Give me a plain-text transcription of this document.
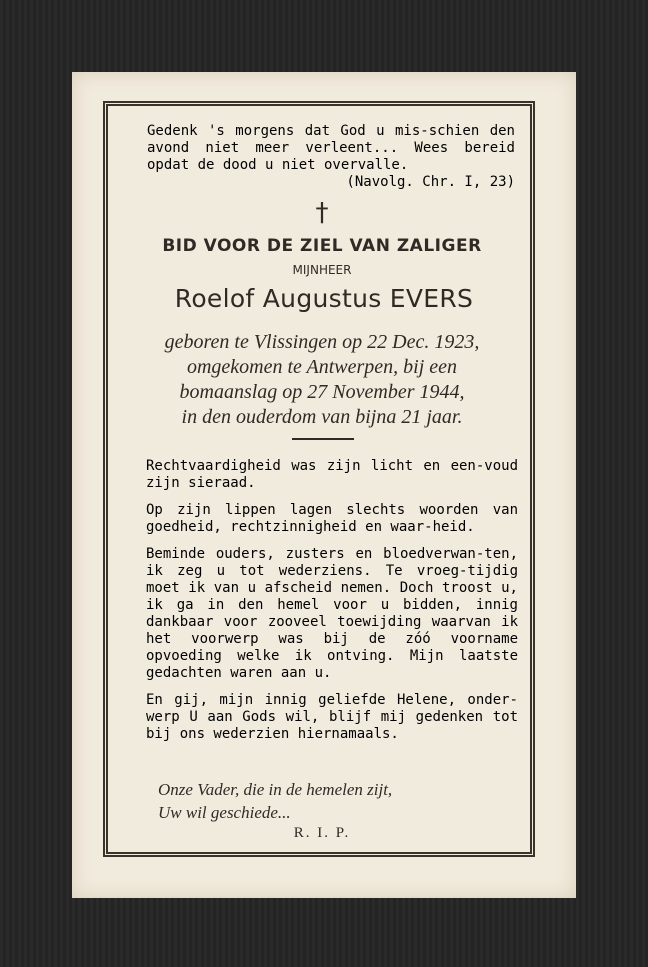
Gedenk 's morgens dat God u mis-schien den avond niet meer verleent... Wees bereid opdat de dood u niet overvalle.

(Navolg. Chr. I, 23)

†
BID VOOR DE ZIEL VAN ZALIGER
MIJNHEER
Roelof Augustus EVERS
geboren te Vlissingen op 22 Dec. 1923,
omgekomen te Antwerpen, bij een
bomaanslag op 27 November 1944,
in den ouderdom van bijna 21 jaar.

Rechtvaardigheid was zijn licht en een-voud zijn sieraad.

Op zijn lippen lagen slechts woorden van goedheid, rechtzinnigheid en waar-heid.

Beminde ouders, zusters en bloedverwan-ten, ik zeg u tot wederziens. Te vroeg-tijdig moet ik van u afscheid nemen. Doch troost u, ik ga in den hemel voor u bidden, innig dankbaar voor zooveel toewijding waarvan ik het voorwerp was bij de zóó voorname opvoeding welke ik ontving. Mijn laatste gedachten waren aan u.

En gij, mijn innig geliefde Helene, onder-werp U aan Gods wil, blijf mij gedenken tot bij ons wederzien hiernamaals.

Onze Vader, die in de hemelen zijt,
Uw wil geschiede...
R. I. P.
